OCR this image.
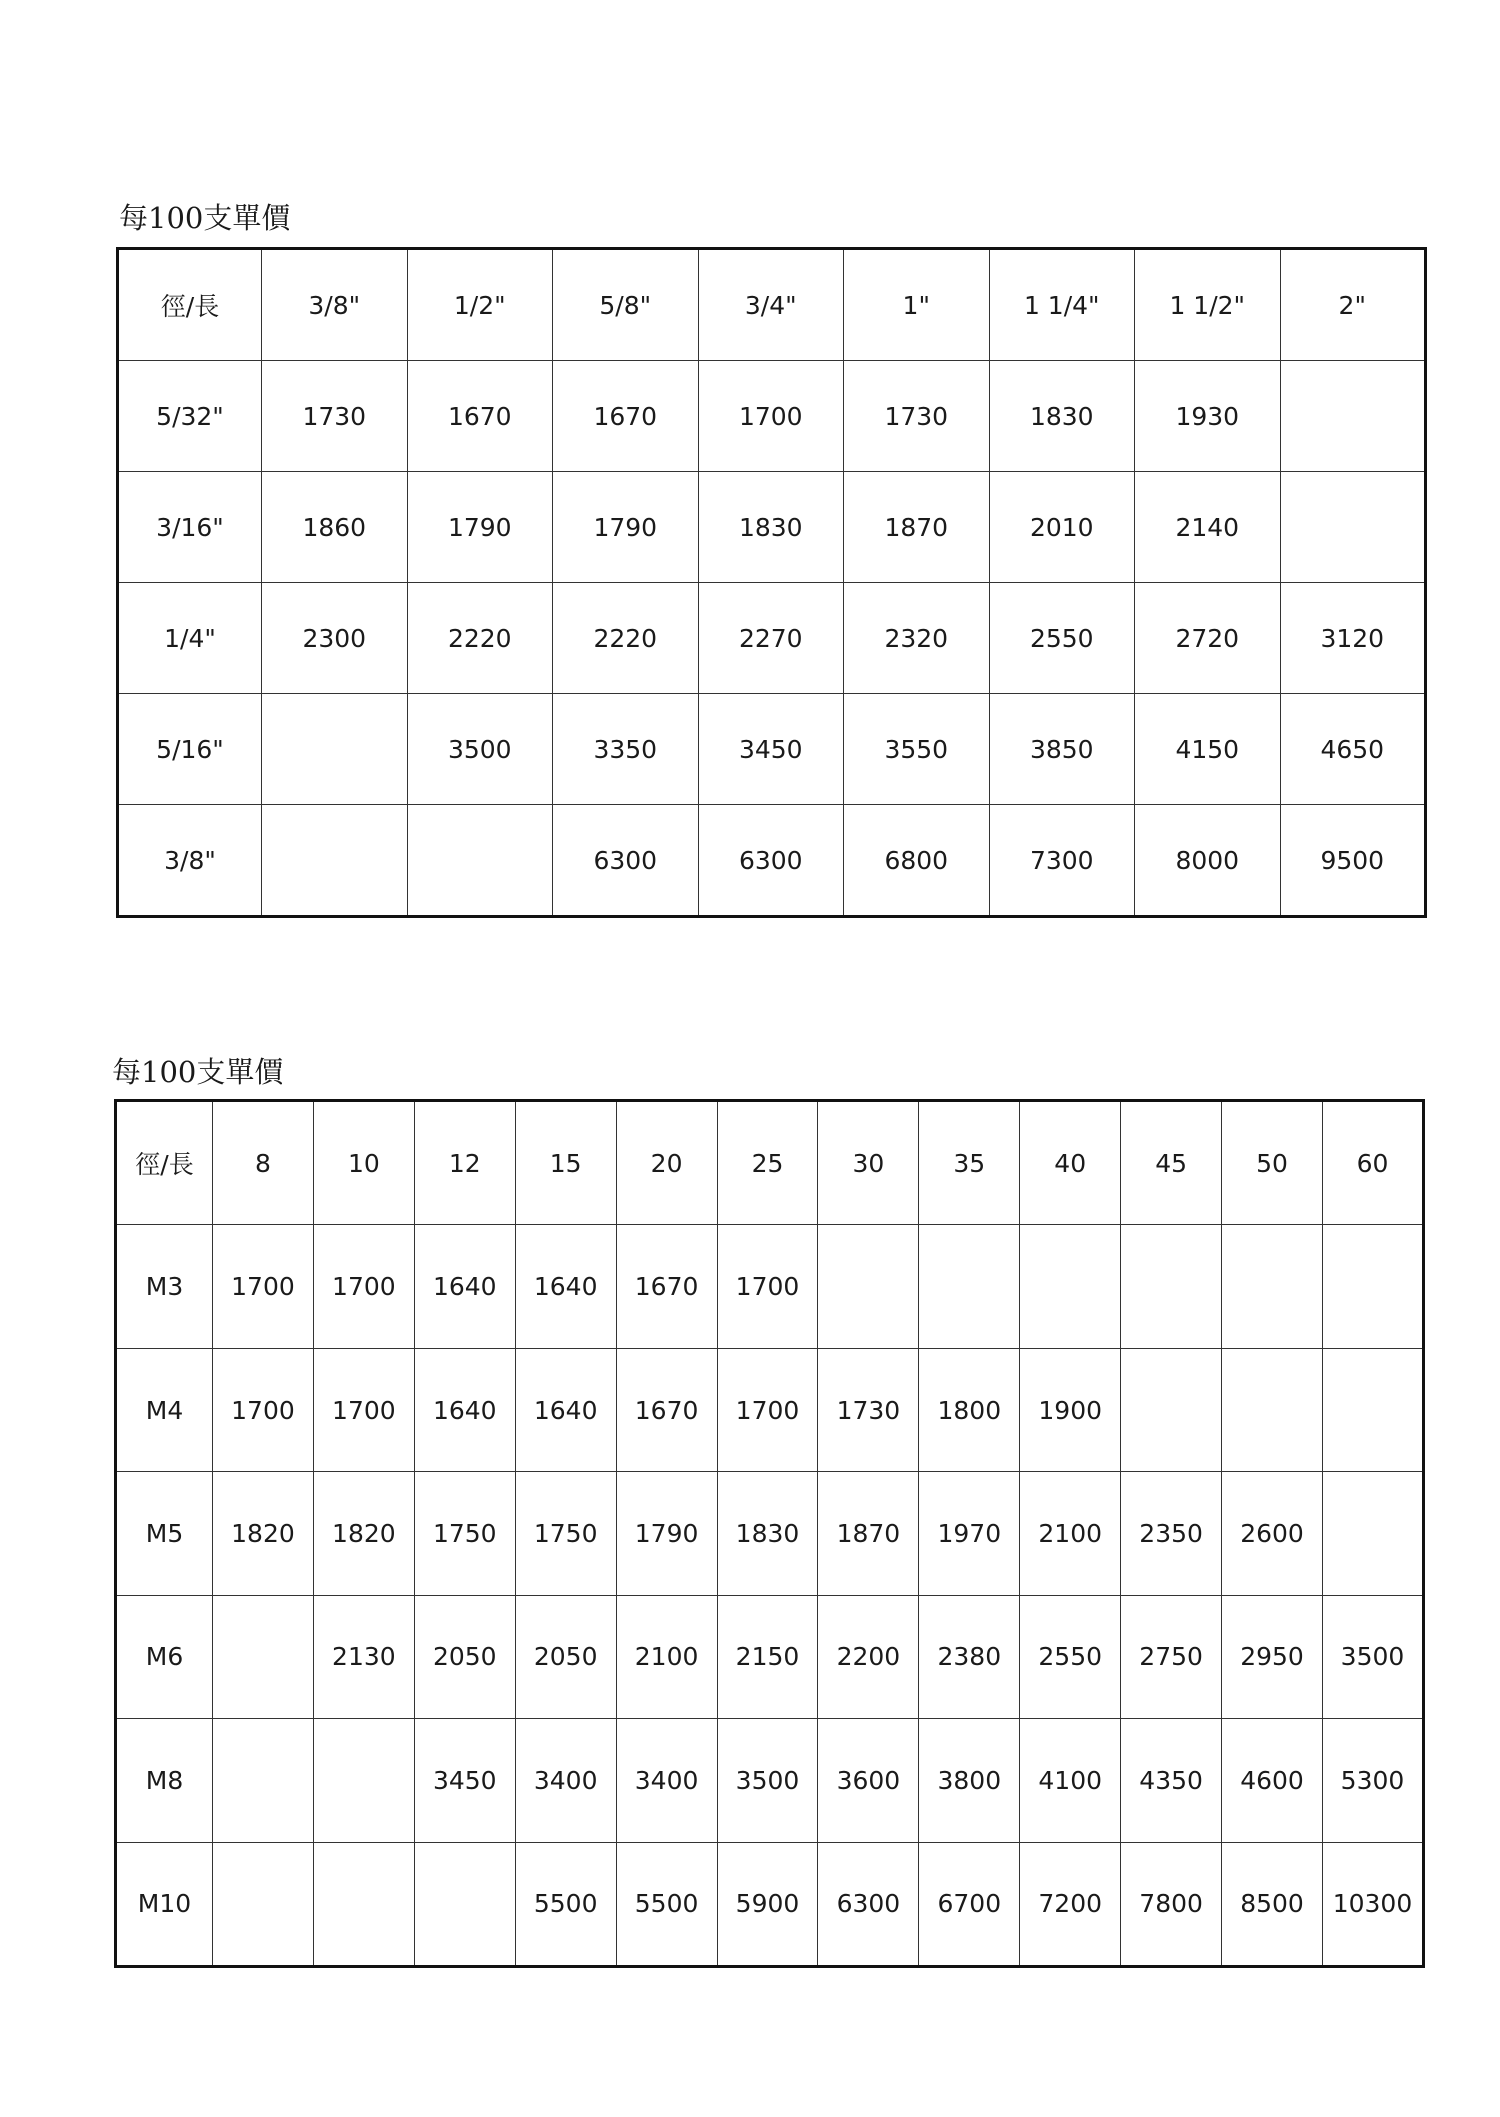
每100支單價
徑/長	3/8"	1/2"	5/8"	3/4"	1"	1 1/4"	1 1/2"	2"
5/32"	1730	1670	1670	1700	1730	1830	1930	
3/16"	1860	1790	1790	1830	1870	2010	2140	
1/4"	2300	2220	2220	2270	2320	2550	2720	3120
5/16"		3500	3350	3450	3550	3850	4150	4650
3/8"			6300	6300	6800	7300	8000	9500
每100支單價
徑/長	8	10	12	15	20	25	30	35	40	45	50	60
M3	1700	1700	1640	1640	1670	1700						
M4	1700	1700	1640	1640	1670	1700	1730	1800	1900			
M5	1820	1820	1750	1750	1790	1830	1870	1970	2100	2350	2600	
M6		2130	2050	2050	2100	2150	2200	2380	2550	2750	2950	3500
M8			3450	3400	3400	3500	3600	3800	4100	4350	4600	5300
M10				5500	5500	5900	6300	6700	7200	7800	8500	10300
